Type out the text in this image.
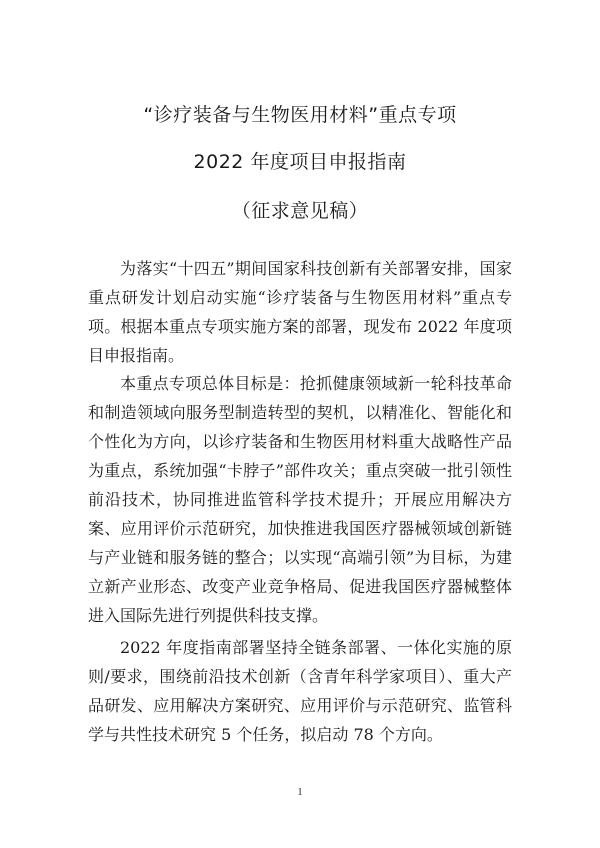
“诊疗装备与生物医用材料”重点专项
2022 年度项目申报指南
（征求意见稿）

为落实“十四五”期间国家科技创新有关部署安排，国家重点研发计划启动实施“诊疗装备与生物医用材料”重点专项。根据本重点专项实施方案的部署，现发布 2022 年度项目申报指南。

本重点专项总体目标是：抢抓健康领域新一轮科技革命和制造领域向服务型制造转型的契机，以精准化、智能化和个性化为方向，以诊疗装备和生物医用材料重大战略性产品为重点，系统加强“卡脖子”部件攻关；重点突破一批引领性前沿技术，协同推进监管科学技术提升；开展应用解决方案、应用评价示范研究，加快推进我国医疗器械领域创新链与产业链和服务链的整合；以实现“高端引领”为目标，为建立新产业形态、改变产业竞争格局、促进我国医疗器械整体进入国际先进行列提供科技支撑。

2022 年度指南部署坚持全链条部署、一体化实施的原则/要求，围绕前沿技术创新（含青年科学家项目）、重大产品研发、应用解决方案研究、应用评价与示范研究、监管科学与共性技术研究 5 个任务，拟启动 78 个方向。

1
